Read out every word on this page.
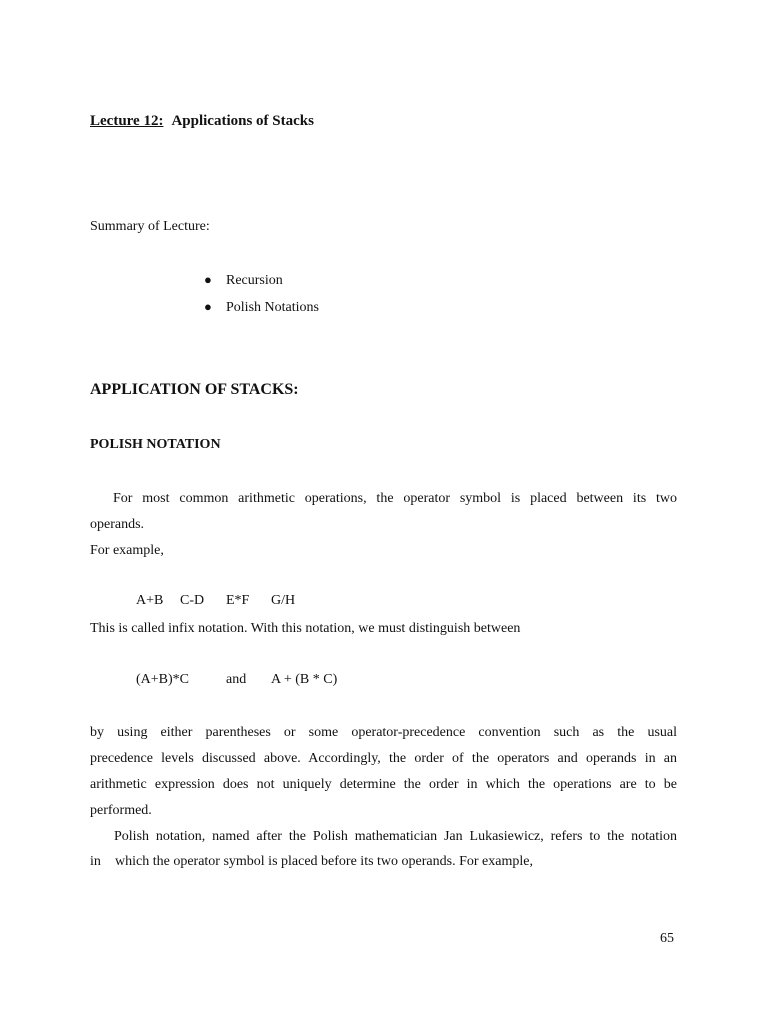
Lecture 12: Applications of Stacks
Summary of Lecture:
● Recursion
● Polish Notations
APPLICATION OF STACKS:
POLISH NOTATION
For most common arithmetic operations, the operator symbol is placed between its two
operands.
For example,
A+B C-D E*F G/H
This is called infix notation. With this notation, we must distinguish between
(A+B)*C	and A + (B * C)
by using either parentheses or some operator-precedence convention such as the usual
precedence levels discussed above. Accordingly, the order of the operators and operands in an
arithmetic expression does not uniquely determine the order in which the operations are to be
performed.
Polish notation, named after the Polish mathematician Jan Lukasiewicz, refers to the notation
in which the operator symbol is placed before its two operands. For example,
65
